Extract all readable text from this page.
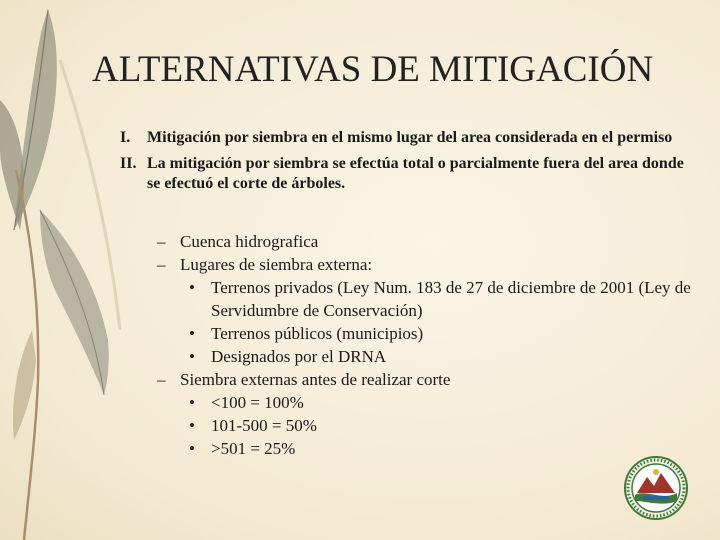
ALTERNATIVAS DE MITIGACIÓN
I. Mitigación por siembra en el mismo lugar del area considerada en el permiso
II. La mitigación por siembra se efectúa total o parcialmente fuera del area donde se efectuó el corte de árboles.
– Cuenca hidrografica
– Lugares de siembra externa:
• Terrenos privados (Ley Num. 183 de 27 de diciembre de 2001 (Ley de Servidumbre de Conservación)
• Terrenos públicos (municipios)
• Designados por el DRNA
– Siembra externas antes de realizar corte
• <100 = 100%
• 101-500 = 50%
• >501 = 25%
